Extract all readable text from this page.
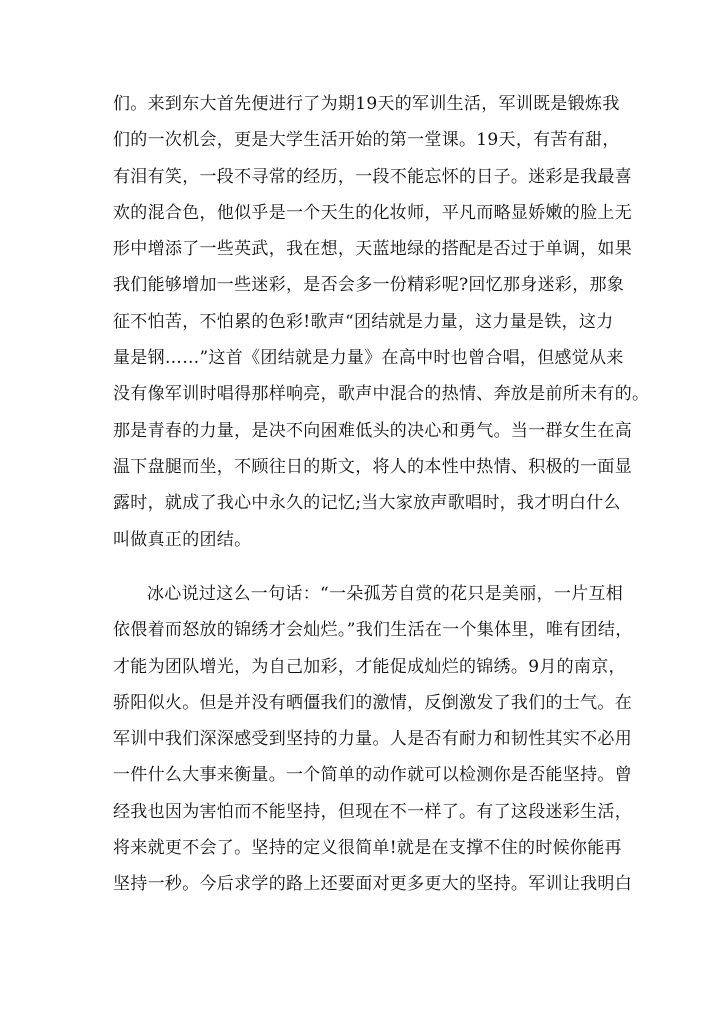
们。来到东大首先便进行了为期19天的军训生活，军训既是锻炼我
们的一次机会，更是大学生活开始的第一堂课。19天，有苦有甜，
有泪有笑，一段不寻常的经历，一段不能忘怀的日子。迷彩是我最喜
欢的混合色，他似乎是一个天生的化妆师，平凡而略显娇嫩的脸上无
形中增添了一些英武，我在想，天蓝地绿的搭配是否过于单调，如果
我们能够增加一些迷彩，是否会多一份精彩呢?回忆那身迷彩，那象
征不怕苦，不怕累的色彩!歌声“团结就是力量，这力量是铁，这力
量是钢……”这首《团结就是力量》在高中时也曾合唱，但感觉从来
没有像军训时唱得那样响亮，歌声中混合的热情、奔放是前所未有的。
那是青春的力量，是决不向困难低头的决心和勇气。当一群女生在高
温下盘腿而坐，不顾往日的斯文，将人的本性中热情、积极的一面显
露时，就成了我心中永久的记忆;当大家放声歌唱时，我才明白什么
叫做真正的团结。
冰心说过这么一句话：“一朵孤芳自赏的花只是美丽，一片互相
依偎着而怒放的锦绣才会灿烂。”我们生活在一个集体里，唯有团结，
才能为团队增光，为自己加彩，才能促成灿烂的锦绣。9月的南京，
骄阳似火。但是并没有晒僵我们的激情，反倒激发了我们的士气。在
军训中我们深深感受到坚持的力量。人是否有耐力和韧性其实不必用
一件什么大事来衡量。一个简单的动作就可以检测你是否能坚持。曾
经我也因为害怕而不能坚持，但现在不一样了。有了这段迷彩生活，
将来就更不会了。坚持的定义很简单!就是在支撑不住的时候你能再
坚持一秒。今后求学的路上还要面对更多更大的坚持。军训让我明白
